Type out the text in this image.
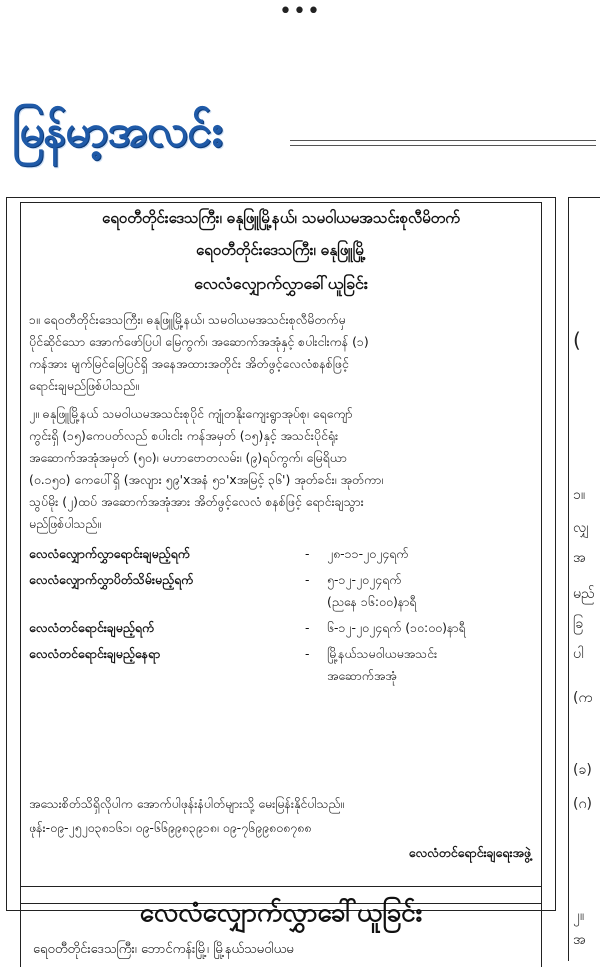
•••
မြန်မာ့အလင်း
(
၁။
လျှ
အ
မည်
ခြ
ပါ
(က
(ခ)
(ဂ)
၂။
အ
ရေဝတီတိုင်းဒေသကြီး၊ ဓနုဖြူမြို့နယ်၊ သမဝါယမအသင်းစုလီမိတက်
ရေဝတီတိုင်းဒေသကြီး၊ ဓနုဖြူမြို့
လေလံလျှောက်လွှာခေါ်ယူခြင်း
၁။ ရေဝတီတိုင်းဒေသကြီး၊ ဓနုဖြူမြို့နယ်၊ သမဝါယမအသင်းစုလီမိတက်မှ
ပိုင်ဆိုင်သော အောက်ဖော်ပြပါ မြေကွက်၊ အဆောက်အအုံနှင့် စပါးငါးကန် (၁)
ကန်အား မျက်မြင်မြေပြင်ရှိ အနေအထားအတိုင်း အိတ်ဖွင့်လေလံစနစ်ဖြင့်
ရောင်းချမည်ဖြစ်ပါသည်။
၂။ ဓနုဖြူမြို့နယ် သမဝါယမအသင်းစုပိုင် ကျုံတနိုးကျေးရွာအုပ်စု၊ ရေကျော်
ကွင်းရှိ (၁၅)ကေပတ်လည် စပါးငါး ကန်အမှတ် (၁၅)နှင့် အသင်းပိုင်ရုံး
အဆောက်အအုံအမှတ် (၅၀)၊ မဟာဗောတလမ်း၊ (၉)ရပ်ကွက်၊ မြေရိယာ
(၀.၁၅၀) ကေပေါ်ရှိ (အလျား ၅၉'xအနံ ၅၁'xအမြင့် ၃၆') အုတ်ခင်း၊ အုတ်ကာ၊
သွပ်မိုး (၂)ထပ် အဆောက်အအုံအား အိတ်ဖွင့်လေလံ စနစ်ဖြင့် ရောင်းချသွား
မည်ဖြစ်ပါသည်။
လေလံလျှောက်လွှာရောင်းချမည့်ရက်	- ၂၈-၁၁-၂၀၂၄ရက်
လေလံလျှောက်လွှာပိတ်သိမ်းမည့်ရက်	- ၅-၁၂-၂၀၂၄ရက်
(ညနေ ၁၆:၀၀)နာရီ
လေလံတင်ရောင်းချမည့်ရက်	- ၆-၁၂-၂၀၂၄ရက် (၁၀:၀၀)နာရီ
လေလံတင်ရောင်းချမည့်နေရာ	- မြို့နယ်သမဝါယမအသင်း
အဆောက်အအုံ
အသေးစိတ်သိရှိလိုပါက အောက်ပါဖုန်းနံပါတ်များသို့ မေးမြန်းနိုင်ပါသည်။
ဖုန်း-၀၉-၂၅၂၀၃၈၁၆၁၊ ၀၉-၆၆၉၉၈၃၉၁၈၊ ၀၉-၇၆၉၉၈၀၈၇၈၈
လေလံတင်ရောင်းချရေးအဖွဲ့
လေလံလျှောက်လွှာခေါ်ယူခြင်း
ရေဝတီတိုင်းဒေသကြီး၊ ဘောင်ကန်းမြို့၊ မြို့နယ်သမဝါယမ
